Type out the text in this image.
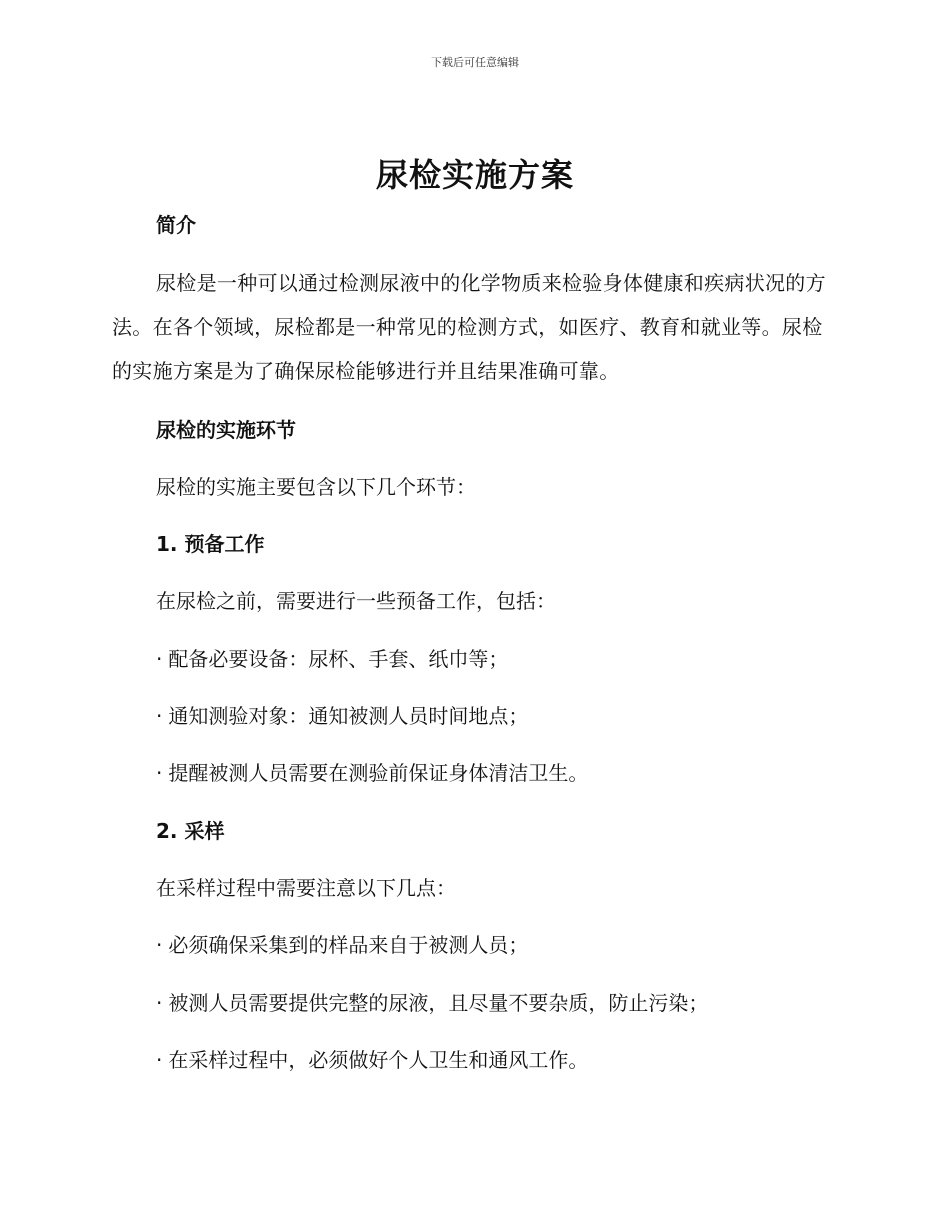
下载后可任意编辑
尿检实施方案
简介
尿检是一种可以通过检测尿液中的化学物质来检验身体健康和疾病状况的方法。在各个领域，尿检都是一种常见的检测方式，如医疗、教育和就业等。尿检的实施方案是为了确保尿检能够进行并且结果准确可靠。
尿检的实施环节
尿检的实施主要包含以下几个环节：
1. 预备工作
在尿检之前，需要进行一些预备工作，包括：
· 配备必要设备：尿杯、手套、纸巾等；
· 通知测验对象：通知被测人员时间地点；
· 提醒被测人员需要在测验前保证身体清洁卫生。
2. 采样
在采样过程中需要注意以下几点：
· 必须确保采集到的样品来自于被测人员；
· 被测人员需要提供完整的尿液，且尽量不要杂质，防止污染；
· 在采样过程中，必须做好个人卫生和通风工作。
